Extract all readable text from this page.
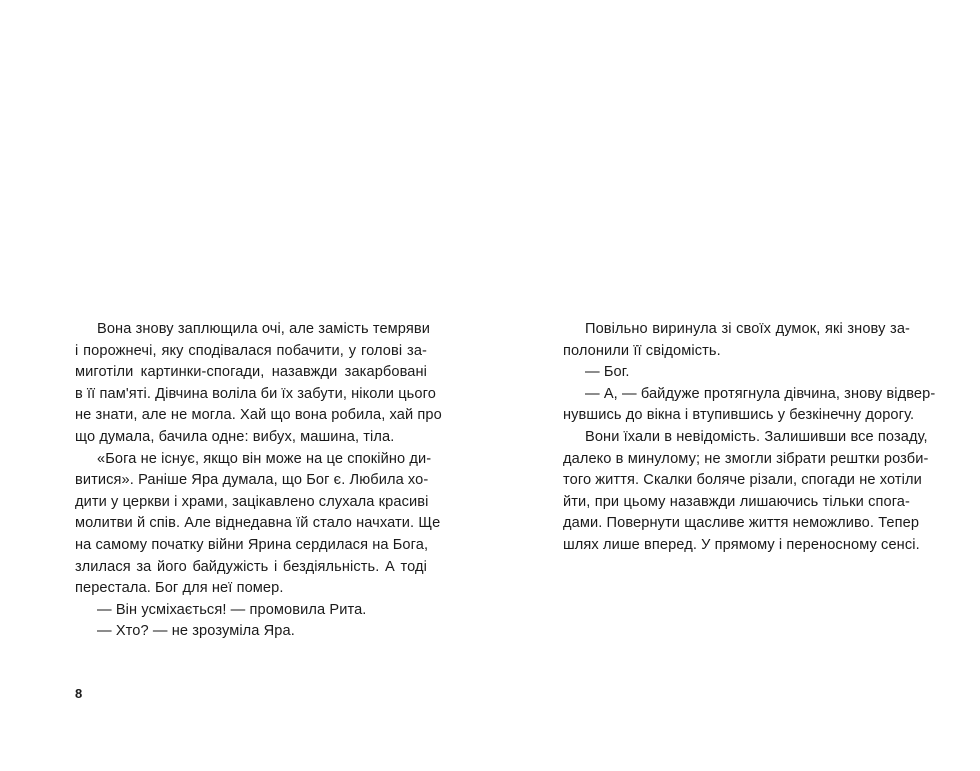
Вона знову заплющила очі, але замість темряви
і порожнечі, яку сподівалася побачити, у голові за-
миготіли картинки-спогади, назавжди закарбовані
в її пам'яті. Дівчина воліла би їх забути, ніколи цього
не знати, але не могла. Хай що вона робила, хай про
що думала, бачила одне: вибух, машина, тіла.
«Бога не існує, якщо він може на це спокійно ди-
витися». Раніше Яра думала, що Бог є. Любила хо-
дити у церкви і храми, зацікавлено слухала красиві
молитви й спів. Але віднедавна їй стало начхати. Ще
на самому початку війни Ярина сердилася на Бога,
злилася за його байдужість і бездіяльність. А тоді
перестала. Бог для неї помер.
— Він усміхається! — промовила Рита.
— Хто? — не зрозуміла Яра.
8
Повільно виринула зі своїх думок, які знову за-
полонили її свідомість.
— Бог.
— А, — байдуже протягнула дівчина, знову відвер-
нувшись до вікна і втупившись у безкінечну дорогу.
Вони їхали в невідомість. Залишивши все позаду,
далеко в минулому; не змогли зібрати рештки розби-
того життя. Скалки боляче різали, спогади не хотіли
йти, при цьому назавжди лишаючись тільки спога-
дами. Повернути щасливе життя неможливо. Тепер
шлях лише вперед. У прямому і переносному сенсі.
